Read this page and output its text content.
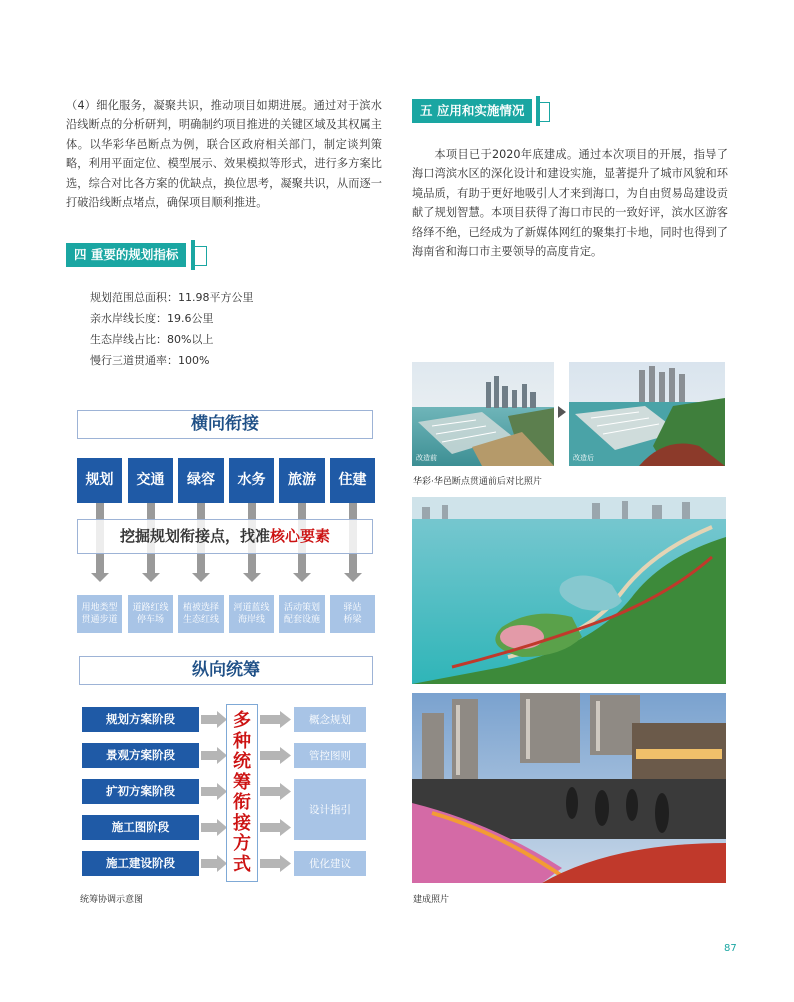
（4）细化服务，凝聚共识，推动项目如期进展。通过对于滨水沿线断点的分析研判，明确制约项目推进的关键区域及其权属主体。以华彩华邑断点为例，联合区政府相关部门，制定谈判策略，利用平面定位、模型展示、效果模拟等形式，进行多方案比选，综合对比各方案的优缺点，换位思考，凝聚共识，从而逐一打破沿线断点堵点，确保项目顺利推进。
四 重要的规划指标
规划范围总面积：11.98平方公里
亲水岸线长度：19.6公里
生态岸线占比：80%以上
慢行三道贯通率：100%
横向衔接
规划	交通	绿容	水务	旅游	住建
挖掘规划衔接点，找准核心要素
用地类型
贯通步道
道路红线
停车场
植被选择
生态红线
河道蓝线
海岸线
活动策划
配套设施
驿站
桥梁
纵向统筹
规划方案阶段
景观方案阶段
扩初方案阶段
施工图阶段
施工建设阶段
多种统筹衔接方式
概念规划
管控图则
设计指引
优化建议
统筹协调示意图
五 应用和实施情况
本项目已于2020年底建成。通过本次项目的开展，指导了海口湾滨水区的深化设计和建设实施，显著提升了城市风貌和环境品质，有助于更好地吸引人才来到海口，为自由贸易岛建设贡献了规划智慧。本项目获得了海口市民的一致好评，滨水区游客络绎不绝，已经成为了新媒体网红的聚集打卡地，同时也得到了海南省和海口市主要领导的高度肯定。
改造前	改造后
华彩·华邑断点贯通前后对比照片
建成照片
87
